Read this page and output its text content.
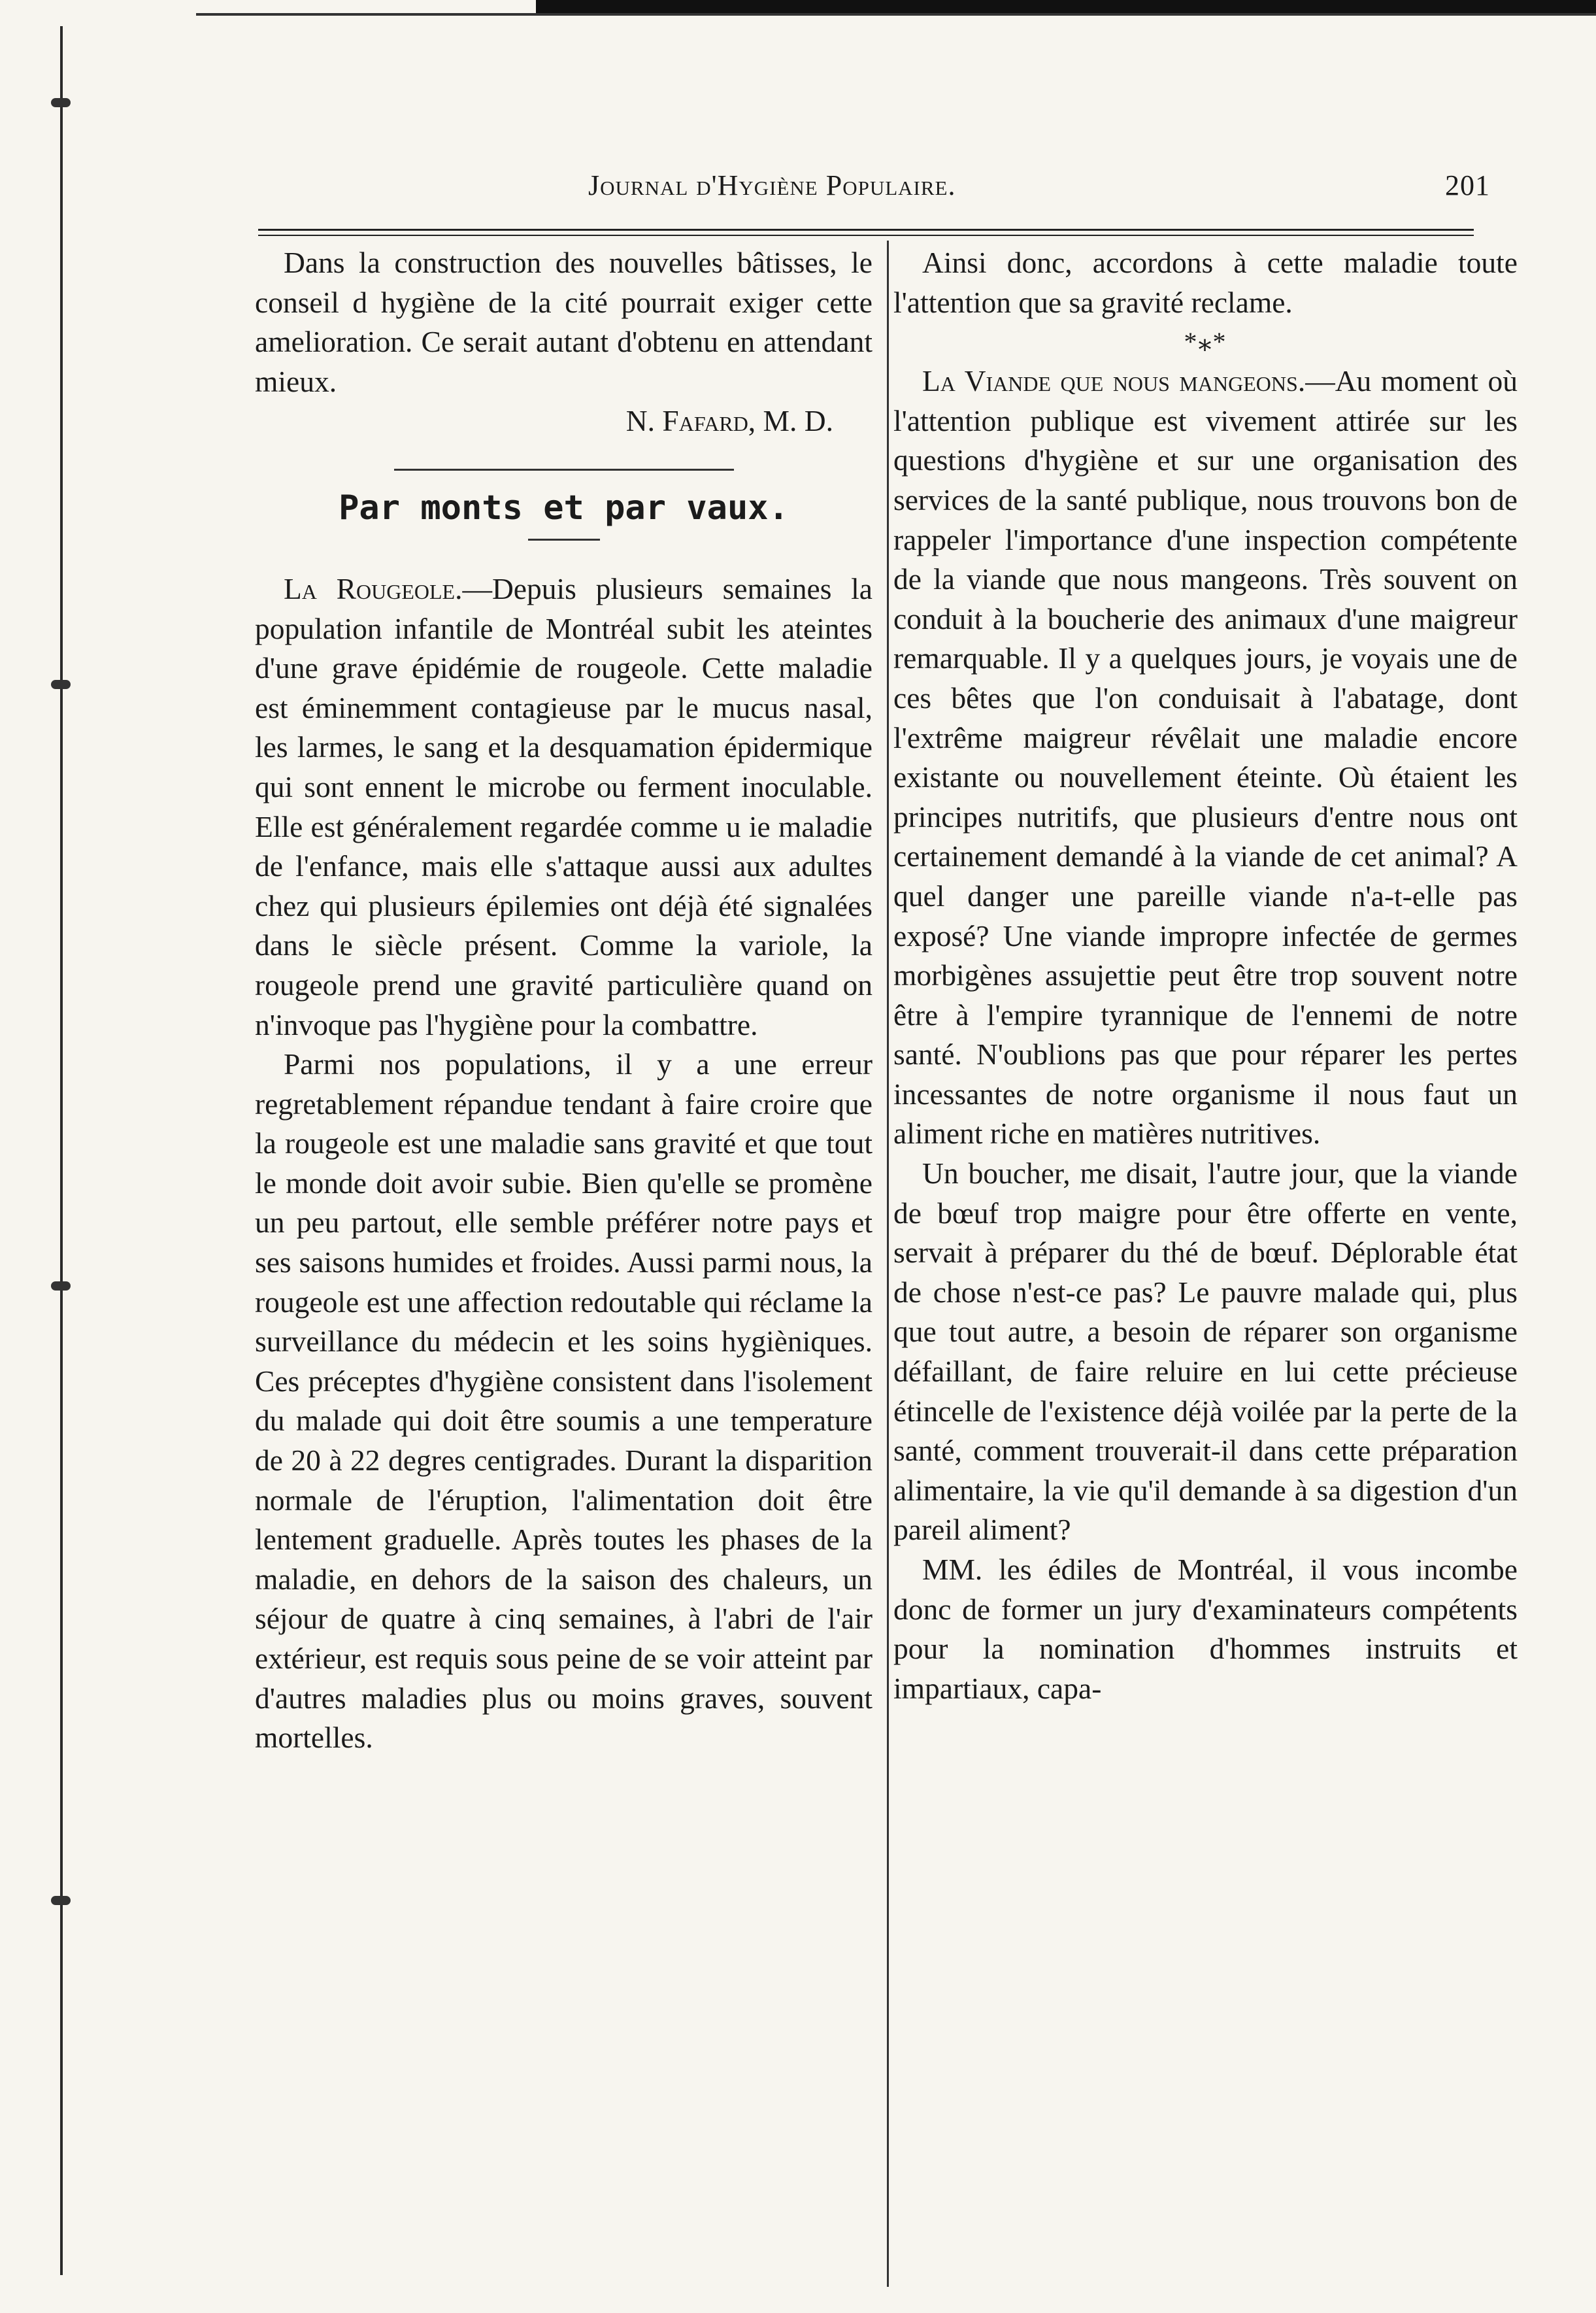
Journal d'Hygiène Populaire.	201

Dans la construction des nouvelles bâtisses, le conseil d hygiène de la cité pourrait exiger cette amelioration. Ce serait autant d'obtenu en attendant mieux.

N. Fafard, M. D.

Par monts et par vaux.

La Rougeole.—Depuis plusieurs semaines la population infantile de Montréal subit les ateintes d'une grave épidémie de rougeole. Cette maladie est éminemment contagieuse par le mucus nasal, les larmes, le sang et la desquamation épidermique qui sont ennent le microbe ou ferment inoculable. Elle est généralement regardée comme u ie maladie de l'enfance, mais elle s'attaque aussi aux adultes chez qui plusieurs épilemies ont déjà été signalées dans le siècle présent. Comme la variole, la rougeole prend une gravité particulière quand on n'invoque pas l'hygiène pour la combattre.

Parmi nos populations, il y a une erreur regretablement répandue tendant à faire croire que la rougeole est une maladie sans gravité et que tout le monde doit avoir subie. Bien qu'elle se promène un peu partout, elle semble préférer notre pays et ses saisons humides et froides. Aussi parmi nous, la rougeole est une affection redoutable qui réclame la surveillance du médecin et les soins hygièniques. Ces préceptes d'hygiène consistent dans l'isolement du malade qui doit être soumis a une temperature de 20 à 22 degres centigrades. Durant la disparition normale de l'éruption, l'alimentation doit être lentement graduelle. Après toutes les phases de la maladie, en dehors de la saison des chaleurs, un séjour de quatre à cinq semaines, à l'abri de l'air extérieur, est requis sous peine de se voir atteint par d'autres maladies plus ou moins graves, souvent mortelles.

Ainsi donc, accordons à cette maladie toute l'attention que sa gravité reclame.

*⁎*

La Viande que nous mangeons.—Au moment où l'attention publique est vivement attirée sur les questions d'hygiène et sur une organisation des services de la santé publique, nous trouvons bon de rappeler l'importance d'une inspection compétente de la viande que nous mangeons. Très souvent on conduit à la boucherie des animaux d'une maigreur remarquable. Il y a quelques jours, je voyais une de ces bêtes que l'on conduisait à l'abatage, dont l'extrême maigreur révêlait une maladie encore existante ou nouvellement éteinte. Où étaient les principes nutritifs, que plusieurs d'entre nous ont certainement demandé à la viande de cet animal? A quel danger une pareille viande n'a-t-elle pas exposé? Une viande impropre infectée de germes morbigènes assujettie peut être trop souvent notre être à l'empire tyrannique de l'ennemi de notre santé. N'oublions pas que pour réparer les pertes incessantes de notre organisme il nous faut un aliment riche en matières nutritives.

Un boucher, me disait, l'autre jour, que la viande de bœuf trop maigre pour être offerte en vente, servait à préparer du thé de bœuf. Déplorable état de chose n'est-ce pas? Le pauvre malade qui, plus que tout autre, a besoin de réparer son organisme défaillant, de faire reluire en lui cette précieuse étincelle de l'existence déjà voilée par la perte de la santé, comment trouverait-il dans cette préparation alimentaire, la vie qu'il demande à sa digestion d'un pareil aliment?

MM. les édiles de Montréal, il vous incombe donc de former un jury d'examinateurs compétents pour la nomination d'hommes instruits et impartiaux, capa-
